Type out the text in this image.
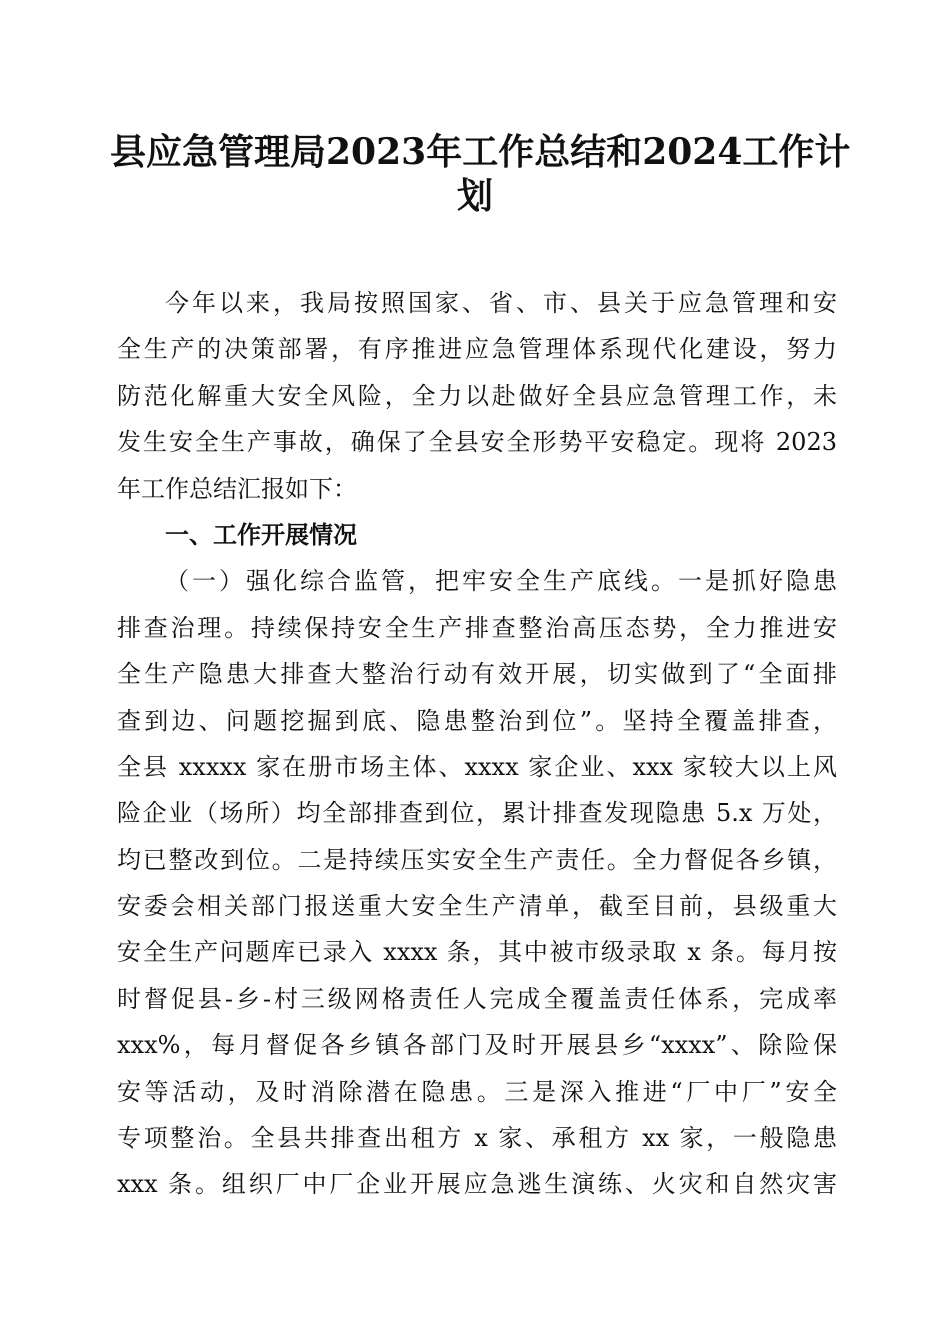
县应急管理局2023年工作总结和2024工作计
划
今年以来，我局按照国家、省、市、县关于应急管理和安
全生产的决策部署，有序推进应急管理体系现代化建设，努力
防范化解重大安全风险，全力以赴做好全县应急管理工作，未
发生安全生产事故，确保了全县安全形势平安稳定。现将 2023
年工作总结汇报如下：
一、工作开展情况
（一）强化综合监管，把牢安全生产底线。一是抓好隐患
排查治理。持续保持安全生产排查整治高压态势，全力推进安
全生产隐患大排查大整治行动有效开展，切实做到了“全面排
查到边、问题挖掘到底、隐患整治到位”。坚持全覆盖排查，
全县 xxxxx 家在册市场主体、xxxx 家企业、xxx 家较大以上风
险企业（场所）均全部排查到位，累计排查发现隐患 5.x 万处，
均已整改到位。二是持续压实安全生产责任。全力督促各乡镇，
安委会相关部门报送重大安全生产清单，截至目前，县级重大
安全生产问题库已录入 xxxx 条，其中被市级录取 x 条。每月按
时督促县-乡-村三级网格责任人完成全覆盖责任体系，完成率
xxx%，每月督促各乡镇各部门及时开展县乡“xxxx”、除险保
安等活动，及时消除潜在隐患。三是深入推进“厂中厂”安全
专项整治。全县共排查出租方 x 家、承租方 xx 家，一般隐患
xxx 条。组织厂中厂企业开展应急逃生演练、火灾和自然灾害
